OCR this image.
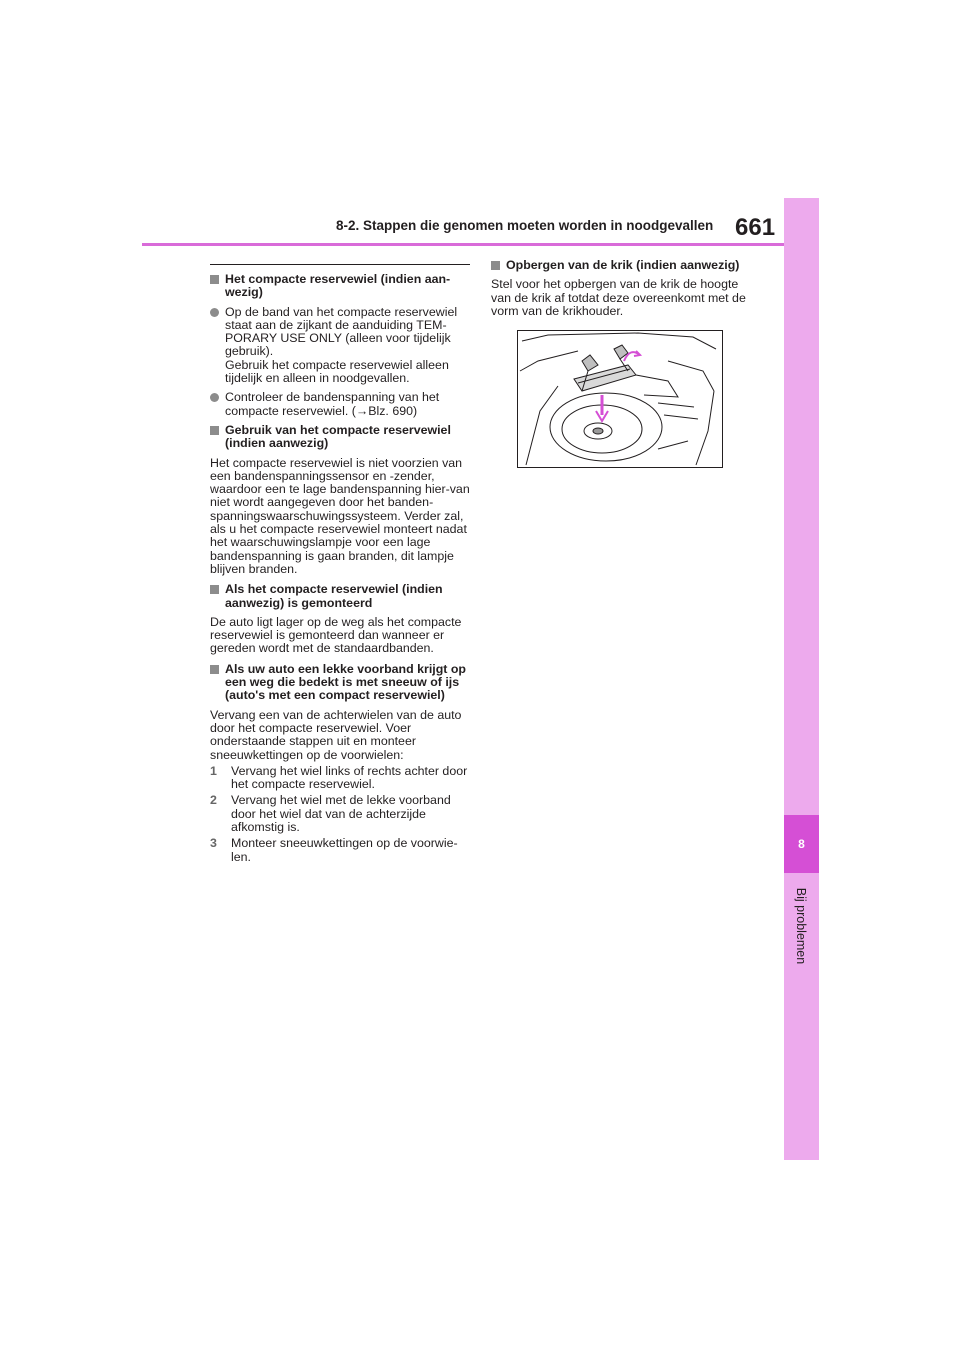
8-2. Stappen die genomen moeten worden in noodgevallen 661
8
Bij problemen
Het compacte reservewiel (indien aan-wezig)
Op de band van het compacte reservewiel staat aan de zijkant de aanduiding TEM-PORARY USE ONLY (alleen voor tijdelijk gebruik).
Gebruik het compacte reservewiel alleen tijdelijk en alleen in noodgevallen.
Controleer de bandenspanning van het compacte reservewiel. (→Blz. 690)
Gebruik van het compacte reservewiel (indien aanwezig)
Het compacte reservewiel is niet voorzien van een bandenspanningssensor en -zender, waardoor een te lage bandenspanning hier-van niet wordt aangegeven door het banden-spanningswaarschuwingssysteem. Verder zal, als u het compacte reservewiel monteert nadat het waarschuwingslampje voor een lage bandenspanning is gaan branden, dit lampje blijven branden.
Als het compacte reservewiel (indien aanwezig) is gemonteerd
De auto ligt lager op de weg als het compacte reservewiel is gemonteerd dan wanneer er gereden wordt met de standaardbanden.
Als uw auto een lekke voorband krijgt op een weg die bedekt is met sneeuw of ijs (auto's met een compact reservewiel)
Vervang een van de achterwielen van de auto door het compacte reservewiel. Voer onderstaande stappen uit en monteer sneeuwkettingen op de voorwielen:
1 Vervang het wiel links of rechts achter door het compacte reservewiel.
2 Vervang het wiel met de lekke voorband door het wiel dat van de achterzijde afkomstig is.
3 Monteer sneeuwkettingen op de voorwie-len.
Opbergen van de krik (indien aanwezig)
Stel voor het opbergen van de krik de hoogte van de krik af totdat deze overeenkomt met de vorm van de krikhouder.
